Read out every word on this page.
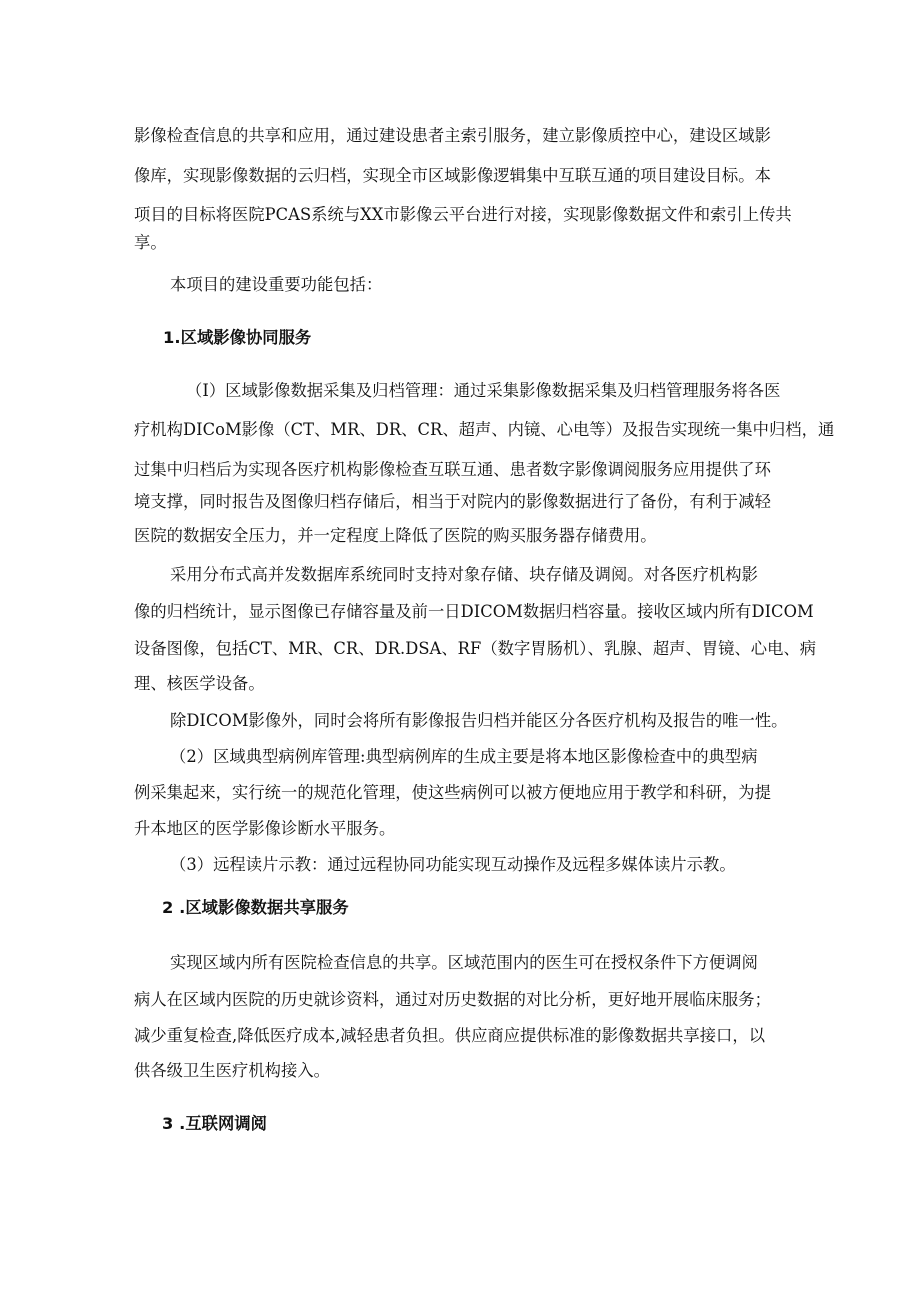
影像检查信息的共享和应用，通过建设患者主索引服务，建立影像质控中心，建设区域影
像库，实现影像数据的云归档，实现全市区域影像逻辑集中互联互通的项目建设目标。本
项目的目标将医院PCAS系统与XX市影像云平台进行对接，实现影像数据文件和索引上传共
享。
本项目的建设重要功能包括：
1.区域影像协同服务
（I）区域影像数据采集及归档管理：通过采集影像数据采集及归档管理服务将各医
疗机构DICoM影像（CT、MR、DR、CR、超声、内镜、心电等）及报告实现统一集中归档，通
过集中归档后为实现各医疗机构影像检查互联互通、患者数字影像调阅服务应用提供了环
境支撑，同时报告及图像归档存储后，相当于对院内的影像数据进行了备份，有利于减轻
医院的数据安全压力，并一定程度上降低了医院的购买服务器存储费用。
采用分布式高并发数据库系统同时支持对象存储、块存储及调阅。对各医疗机构影
像的归档统计，显示图像已存储容量及前一日DICOM数据归档容量。接收区域内所有DICOM
设备图像，包括CT、MR、CR、DR.DSA、RF（数字胃肠机）、乳腺、超声、胃镜、心电、病
理、核医学设备。
除DICOM影像外，同时会将所有影像报告归档并能区分各医疗机构及报告的唯一性。
（2）区域典型病例库管理:典型病例库的生成主要是将本地区影像检查中的典型病
例采集起来，实行统一的规范化管理，使这些病例可以被方便地应用于教学和科研，为提
升本地区的医学影像诊断水平服务。
（3）远程读片示教：通过远程协同功能实现互动操作及远程多媒体读片示教。
2 .区域影像数据共享服务
实现区域内所有医院检查信息的共享。区域范围内的医生可在授权条件下方便调阅
病人在区域内医院的历史就诊资料，通过对历史数据的对比分析，更好地开展临床服务；
减少重复检查,降低医疗成本,减轻患者负担。供应商应提供标准的影像数据共享接口，以
供各级卫生医疗机构接入。
3 .互联网调阅
